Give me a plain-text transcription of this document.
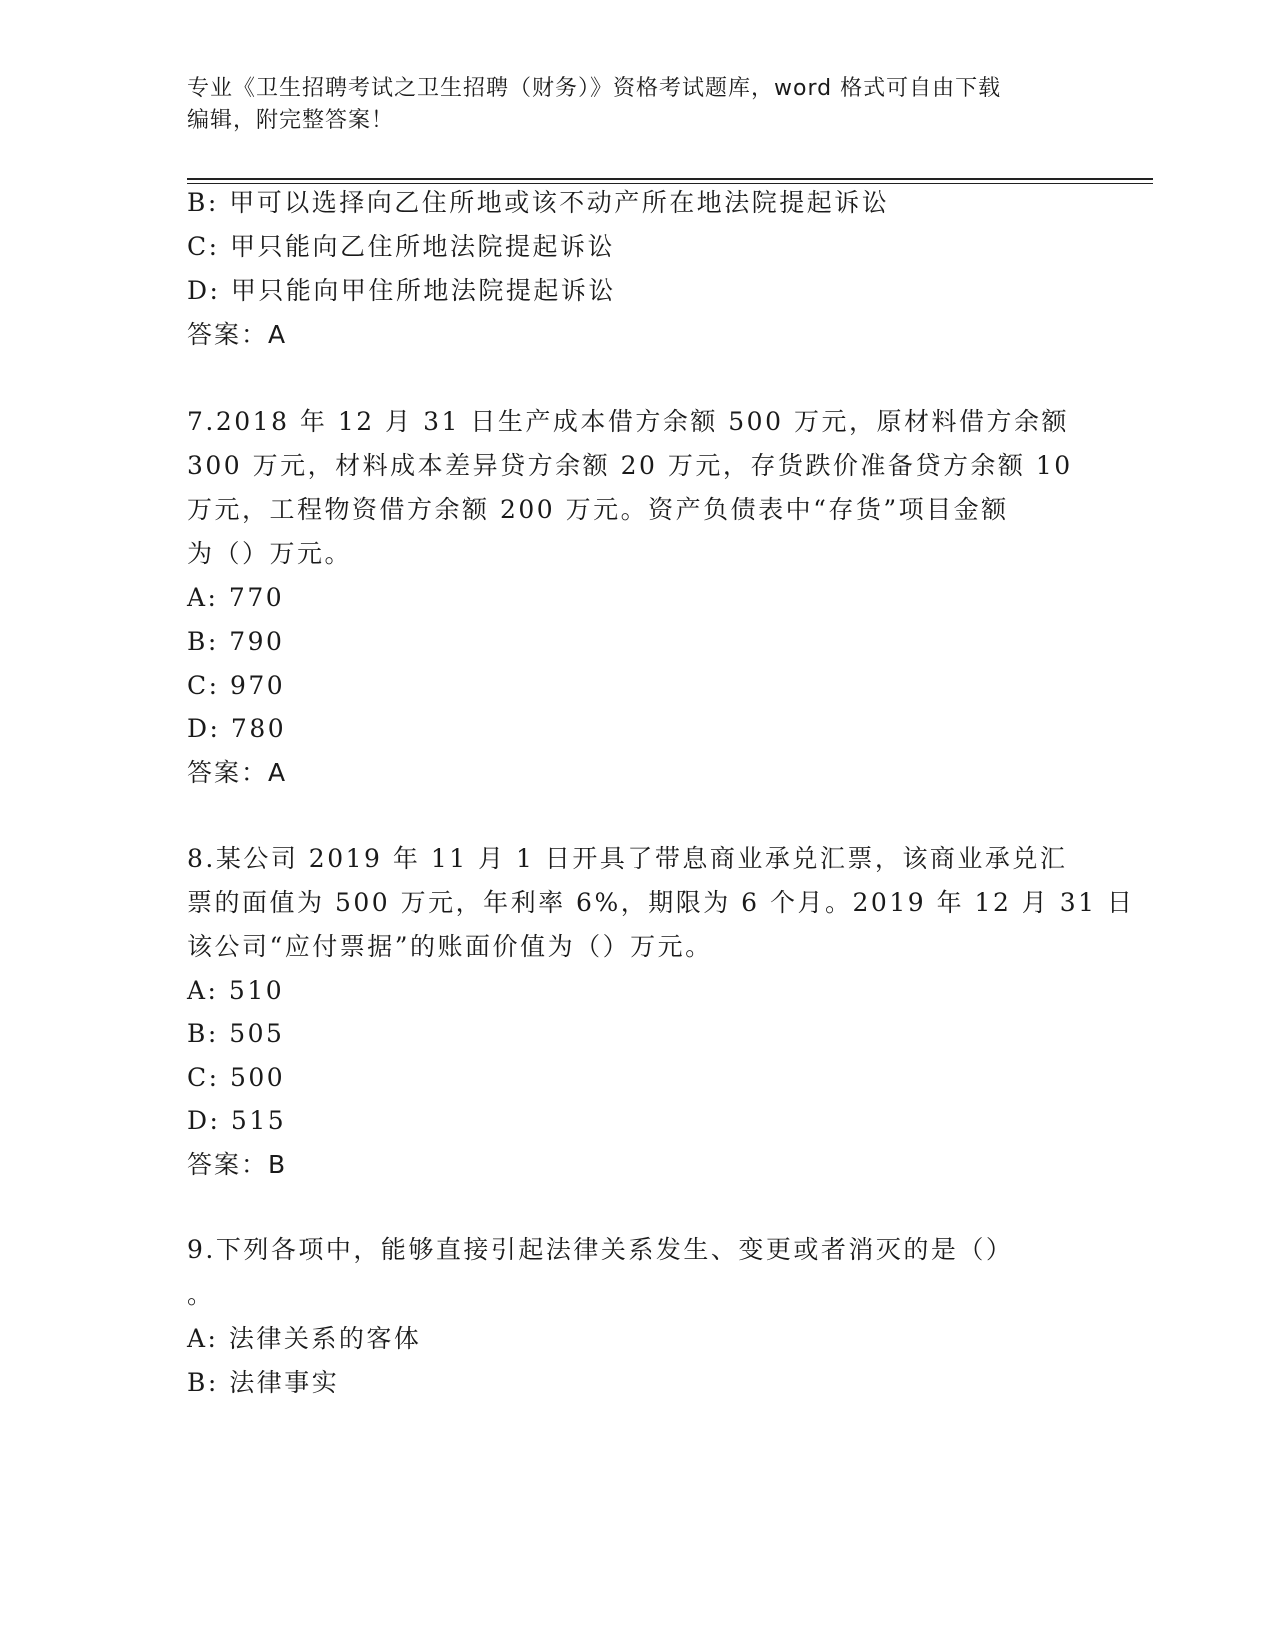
专业《卫生招聘考试之卫生招聘（财务）》资格考试题库，word 格式可自由下载
编辑，附完整答案！
B: 甲可以选择向乙住所地或该不动产所在地法院提起诉讼
C: 甲只能向乙住所地法院提起诉讼
D: 甲只能向甲住所地法院提起诉讼
答案：A
7.2018 年 12 月 31 日生产成本借方余额 500 万元，原材料借方余额
300 万元，材料成本差异贷方余额 20 万元，存货跌价准备贷方余额 10
万元，工程物资借方余额 200 万元。资产负债表中“存货”项目金额
为（）万元。
A: 770
B: 790
C: 970
D: 780
答案：A
8.某公司 2019 年 11 月 1 日开具了带息商业承兑汇票，该商业承兑汇
票的面值为 500 万元，年利率 6%，期限为 6 个月。2019 年 12 月 31 日
该公司“应付票据”的账面价值为（）万元。
A: 510
B: 505
C: 500
D: 515
答案：B
9.下列各项中，能够直接引起法律关系发生、变更或者消灭的是（）
。
A: 法律关系的客体
B: 法律事实
